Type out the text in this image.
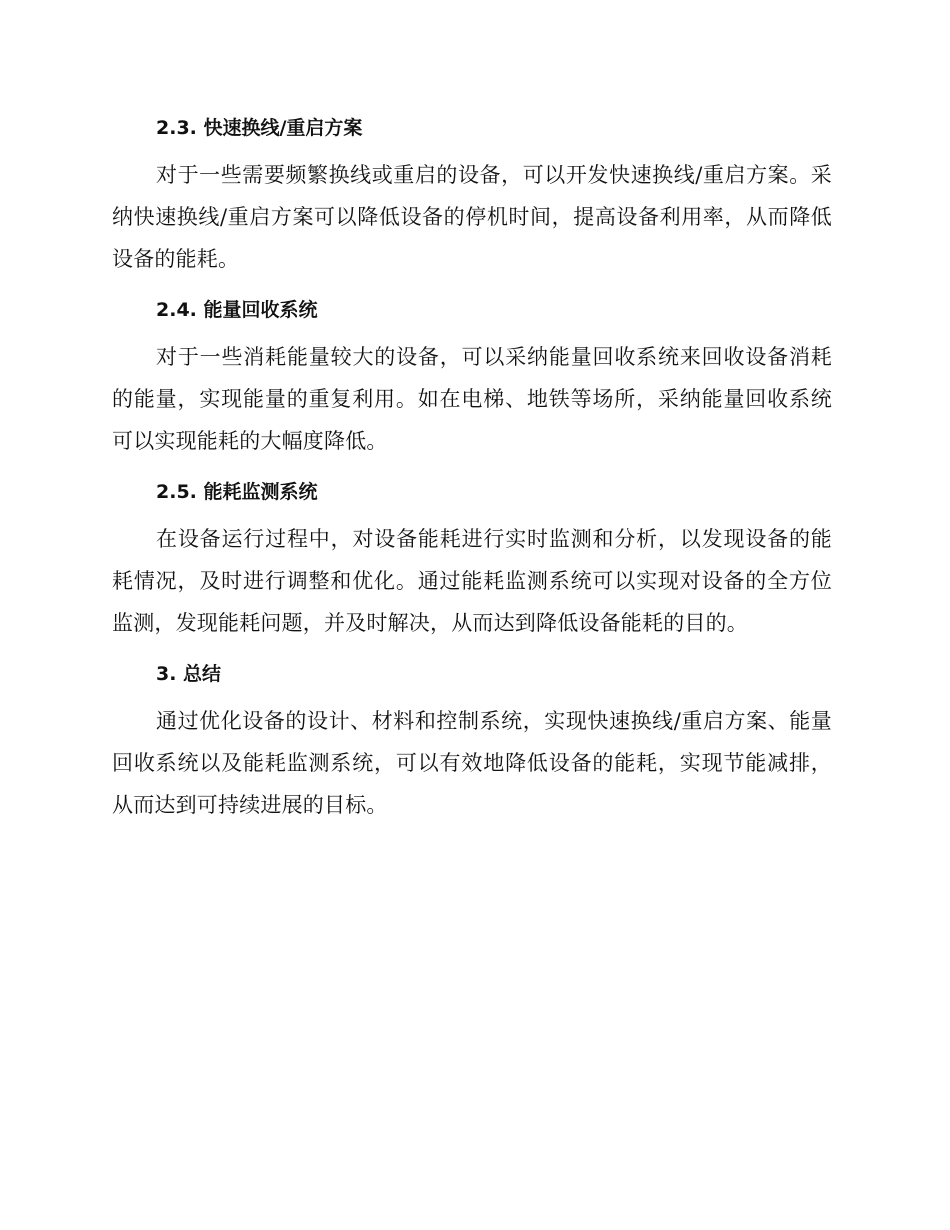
2.3. 快速换线/重启方案

对于一些需要频繁换线或重启的设备，可以开发快速换线/重启方案。采纳快速换线/重启方案可以降低设备的停机时间，提高设备利用率，从而降低设备的能耗。

2.4. 能量回收系统

对于一些消耗能量较大的设备，可以采纳能量回收系统来回收设备消耗的能量，实现能量的重复利用。如在电梯、地铁等场所，采纳能量回收系统可以实现能耗的大幅度降低。

2.5. 能耗监测系统

在设备运行过程中，对设备能耗进行实时监测和分析，以发现设备的能耗情况，及时进行调整和优化。通过能耗监测系统可以实现对设备的全方位监测，发现能耗问题，并及时解决，从而达到降低设备能耗的目的。

3. 总结

通过优化设备的设计、材料和控制系统，实现快速换线/重启方案、能量回收系统以及能耗监测系统，可以有效地降低设备的能耗，实现节能减排，从而达到可持续进展的目标。
